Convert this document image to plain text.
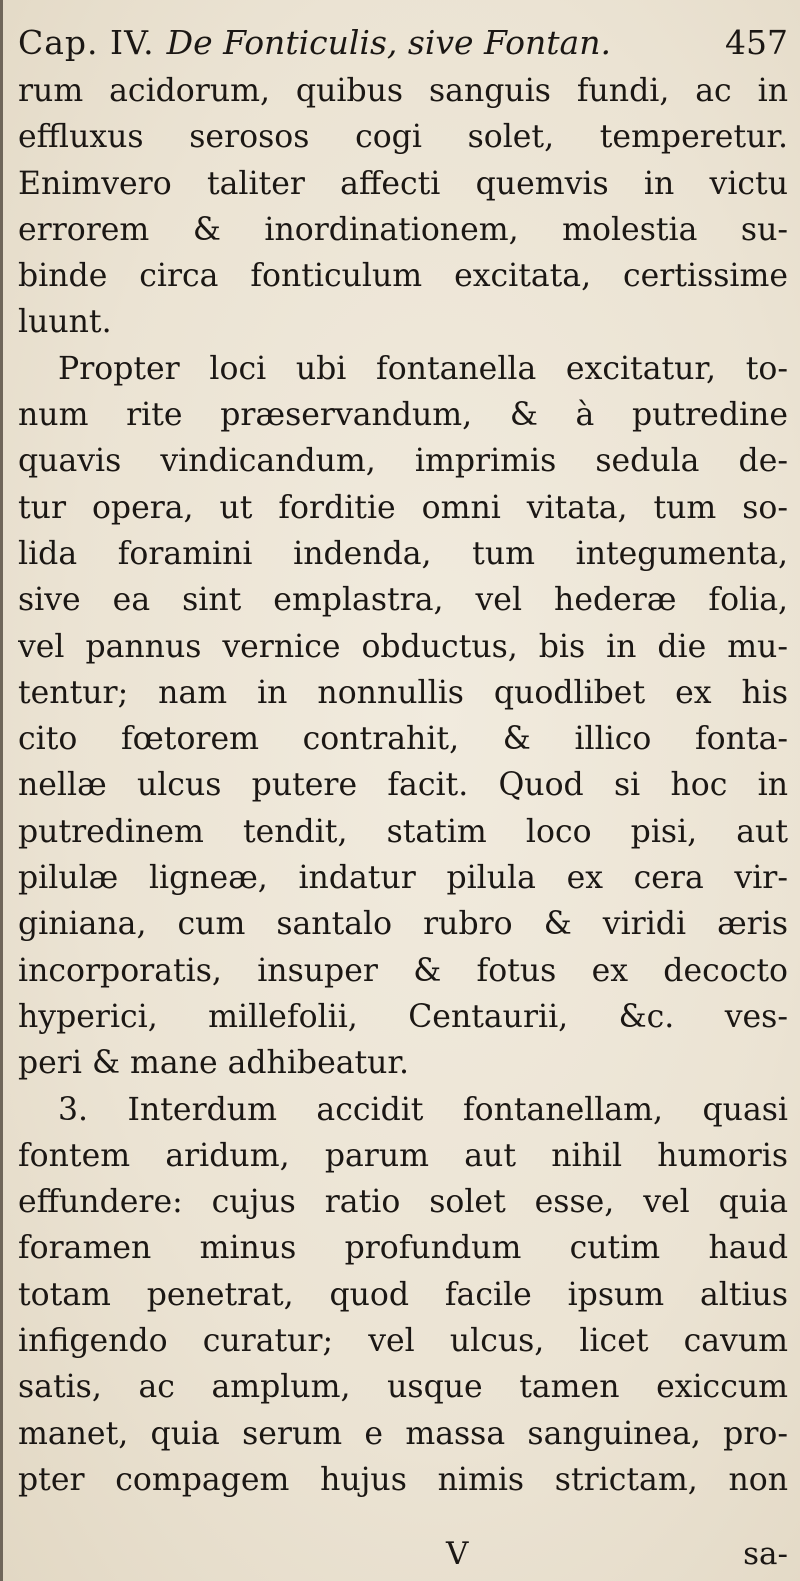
Cap. IV. De Fonticulis, sive Fontan.	457
rum acidorum, quibus sanguis fundi, ac in
effluxus serosos cogi solet, temperetur.
Enimvero taliter affecti quemvis in victu
errorem & inordinationem, molestia su-
binde circa fonticulum excitata, certissime
luunt.
Propter loci ubi fontanella excitatur, to-
num rite præservandum, & à putredine
quavis vindicandum, imprimis sedula de-
tur opera, ut forditie omni vitata, tum so-
lida foramini indenda, tum integumenta,
sive ea sint emplastra, vel hederæ folia,
vel pannus vernice obductus, bis in die mu-
tentur; nam in nonnullis quodlibet ex his
cito fœtorem contrahit, & illico fonta-
nellæ ulcus putere facit. Quod si hoc in
putredinem tendit, statim loco pisi, aut
pilulæ ligneæ, indatur pilula ex cera vir-
giniana, cum santalo rubro & viridi æris
incorporatis, insuper & fotus ex decocto
hyperici, millefolii, Centaurii, &c. ves-
peri & mane adhibeatur.
3. Interdum accidit fontanellam, quasi
fontem aridum, parum aut nihil humoris
effundere: cujus ratio solet esse, vel quia
foramen minus profundum cutim haud
totam penetrat, quod facile ipsum altius
infigendo curatur; vel ulcus, licet cavum
satis, ac amplum, usque tamen exiccum
manet, quia serum e massa sanguinea, pro-
pter compagem hujus nimis strictam, non
V	sa-
